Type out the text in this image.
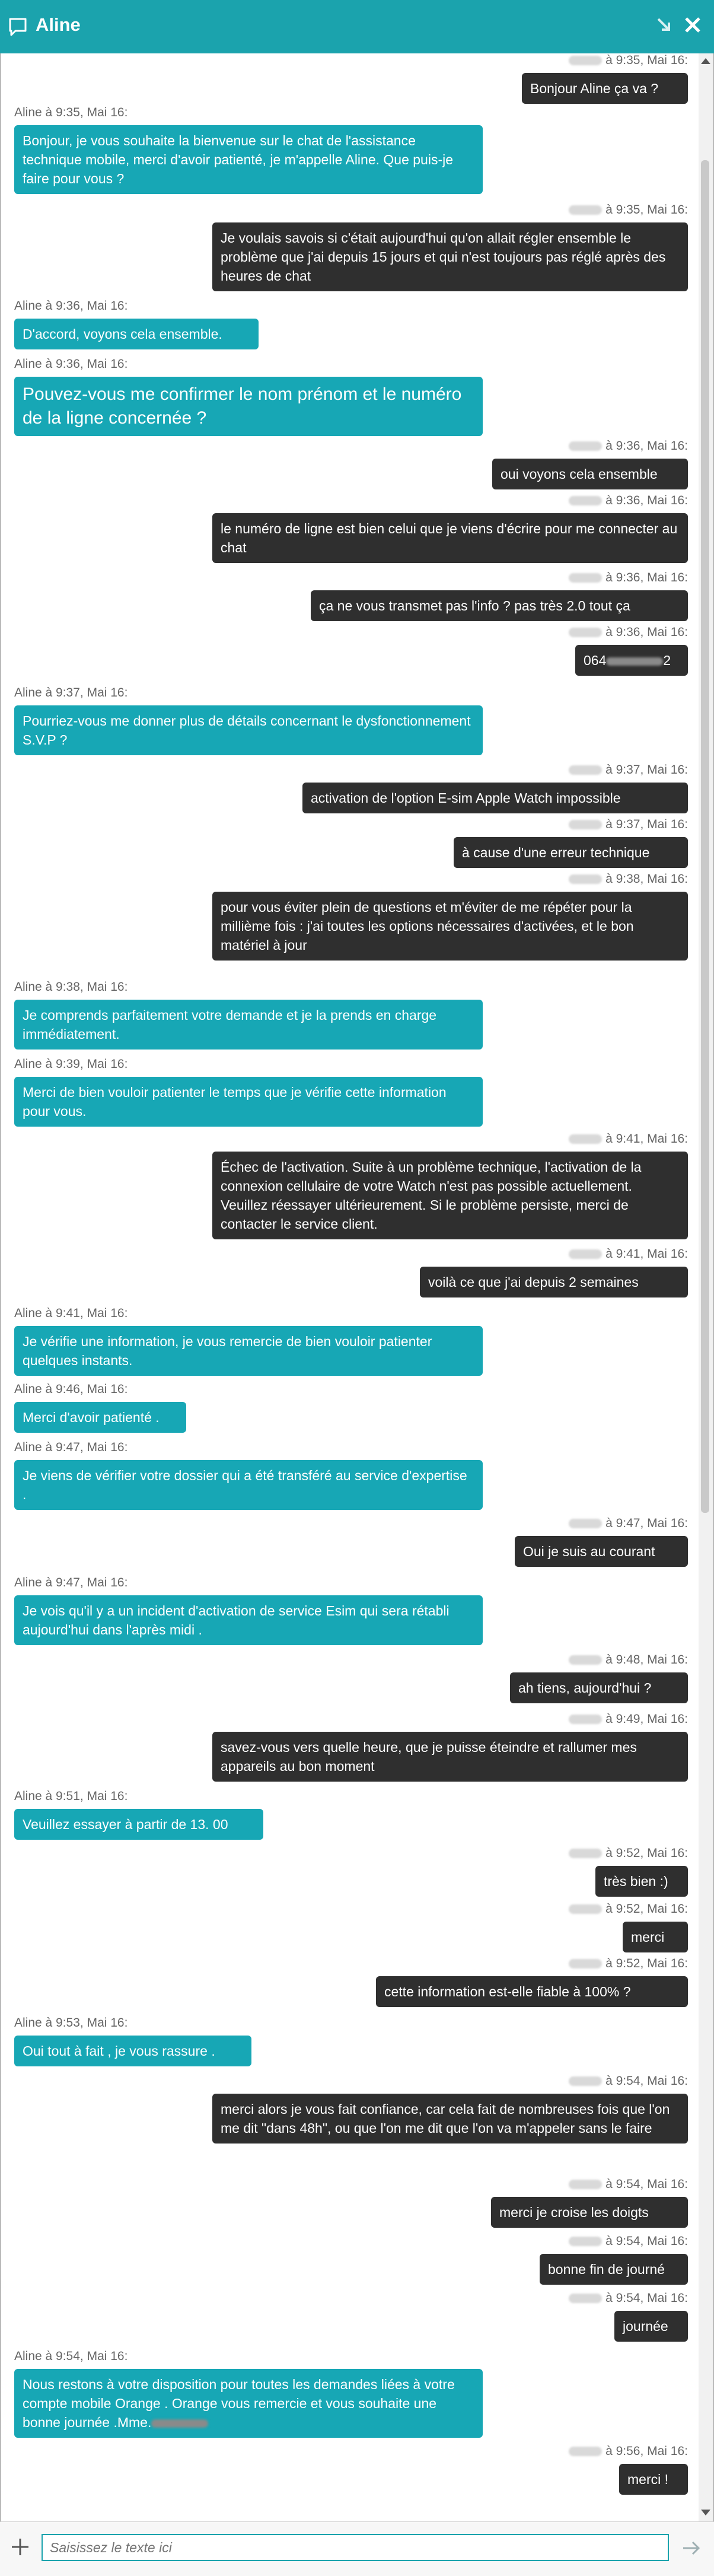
Aline
à 9:35, Mai 16:
Bonjour Aline ça va ?
Aline à 9:35, Mai 16:
Bonjour, je vous souhaite la bienvenue sur le chat de l'assistance technique mobile, merci d'avoir patienté, je m'appelle Aline. Que puis-je faire pour vous ?
à 9:35, Mai 16:
Je voulais savois si c'était aujourd'hui qu'on allait régler ensemble le problème que j'ai depuis 15 jours et qui n'est toujours pas réglé après des heures de chat
Aline à 9:36, Mai 16:
D'accord, voyons cela ensemble.
Aline à 9:36, Mai 16:
Pouvez-vous me confirmer le nom prénom et le numéro de la ligne concernée ?
à 9:36, Mai 16:
oui voyons cela ensemble
à 9:36, Mai 16:
le numéro de ligne est bien celui que je viens d'écrire pour me connecter au chat
à 9:36, Mai 16:
ça ne vous transmet pas l'info ? pas très 2.0 tout ça
à 9:36, Mai 16:
064	2
Aline à 9:37, Mai 16:
Pourriez-vous me donner plus de détails concernant le dysfonctionnement S.V.P ?
à 9:37, Mai 16:
activation de l'option E-sim Apple Watch impossible
à 9:37, Mai 16:
à cause d'une erreur technique
à 9:38, Mai 16:
pour vous éviter plein de questions et m'éviter de me répéter pour la millième fois : j'ai toutes les options nécessaires d'activées, et le bon matériel à jour
Aline à 9:38, Mai 16:
Je comprends parfaitement votre demande et je la prends en charge immédiatement.
Aline à 9:39, Mai 16:
Merci de bien vouloir patienter le temps que je vérifie cette information pour vous.
à 9:41, Mai 16:
Échec de l'activation. Suite à un problème technique, l'activation de la connexion cellulaire de votre Watch n'est pas possible actuellement. Veuillez réessayer ultérieurement. Si le problème persiste, merci de contacter le service client.
à 9:41, Mai 16:
voilà ce que j'ai depuis 2 semaines
Aline à 9:41, Mai 16:
Je vérifie une information, je vous remercie de bien vouloir patienter quelques instants.
Aline à 9:46, Mai 16:
Merci d'avoir patienté .
Aline à 9:47, Mai 16:
Je viens de vérifier votre dossier qui a été transféré au service d'expertise .
à 9:47, Mai 16:
Oui je suis au courant
Aline à 9:47, Mai 16:
Je vois qu'il y a un incident d'activation de service Esim qui sera rétabli aujourd'hui dans l'après midi .
à 9:48, Mai 16:
ah tiens, aujourd'hui ?
à 9:49, Mai 16:
savez-vous vers quelle heure, que je puisse éteindre et rallumer mes appareils au bon moment
Aline à 9:51, Mai 16:
Veuillez essayer à partir de 13. 00
à 9:52, Mai 16:
très bien :)
à 9:52, Mai 16:
merci
à 9:52, Mai 16:
cette information est-elle fiable à 100% ?
Aline à 9:53, Mai 16:
Oui tout à fait , je vous rassure .
à 9:54, Mai 16:
merci alors je vous fait confiance, car cela fait de nombreuses fois que l'on me dit "dans 48h", ou que l'on me dit que l'on va m'appeler sans le faire
à 9:54, Mai 16:
merci je croise les doigts
à 9:54, Mai 16:
bonne fin de journé
à 9:54, Mai 16:
journée
Aline à 9:54, Mai 16:
Nous restons à votre disposition pour toutes les demandes liées à votre compte mobile Orange . Orange vous remercie et vous souhaite une bonne journée .Mme.
à 9:56, Mai 16:
merci !
Saisissez le texte ici
